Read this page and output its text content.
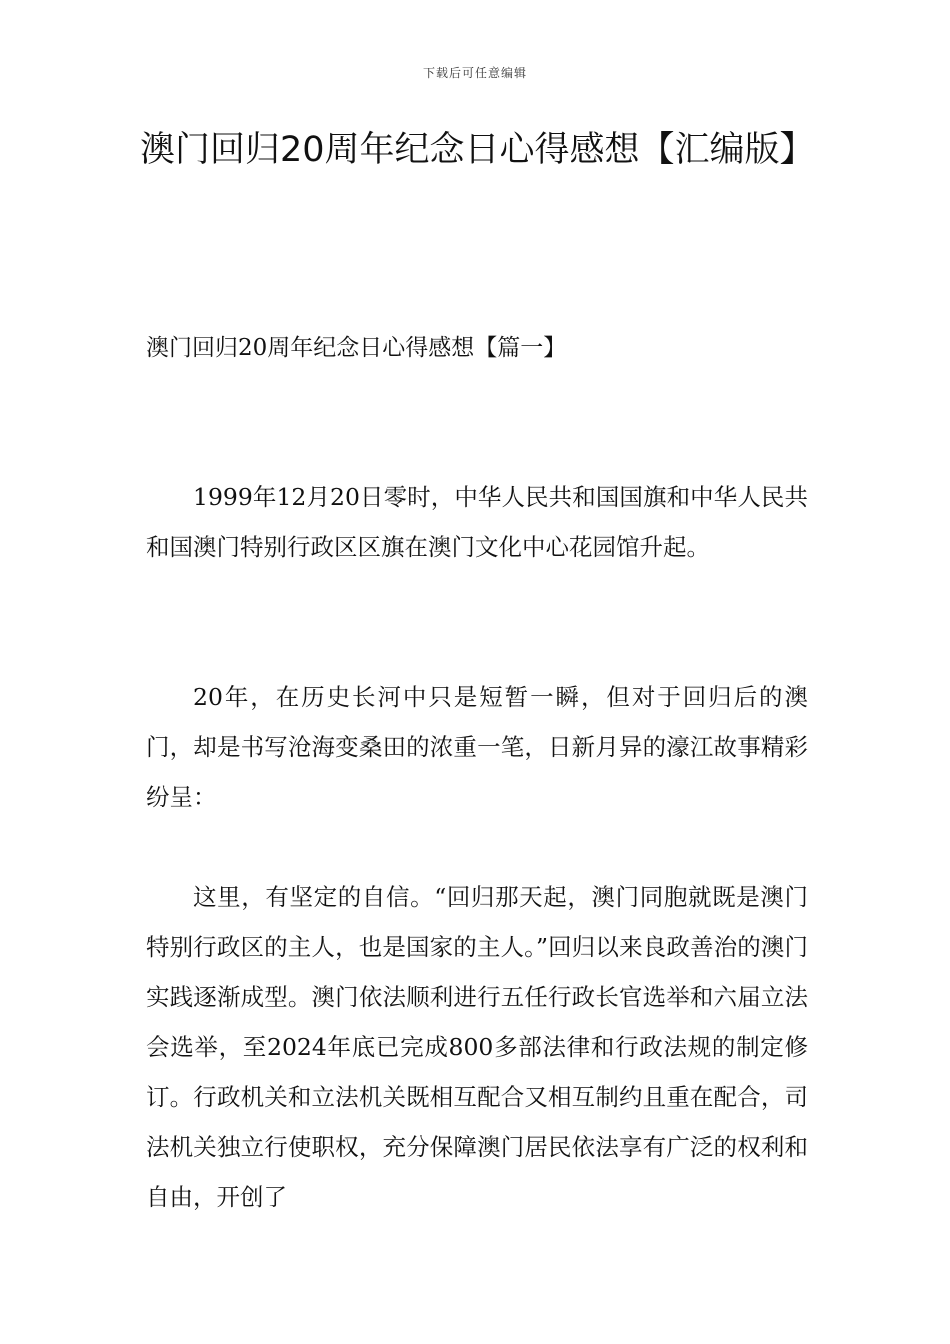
下载后可任意编辑
澳门回归20周年纪念日心得感想【汇编版】
澳门回归20周年纪念日心得感想【篇一】

1999年12月20日零时，中华人民共和国国旗和中华人民共和国澳门特别行政区区旗在澳门文化中心花园馆升起。

20年，在历史长河中只是短暂一瞬，但对于回归后的澳门，却是书写沧海变桑田的浓重一笔，日新月异的濠江故事精彩纷呈：

这里，有坚定的自信。“回归那天起，澳门同胞就既是澳门特别行政区的主人，也是国家的主人。”回归以来良政善治的澳门实践逐渐成型。澳门依法顺利进行五任行政长官选举和六届立法会选举，至2024年底已完成800多部法律和行政法规的制定修订。行政机关和立法机关既相互配合又相互制约且重在配合，司法机关独立行使职权，充分保障澳门居民依法享有广泛的权利和自由，开创了
